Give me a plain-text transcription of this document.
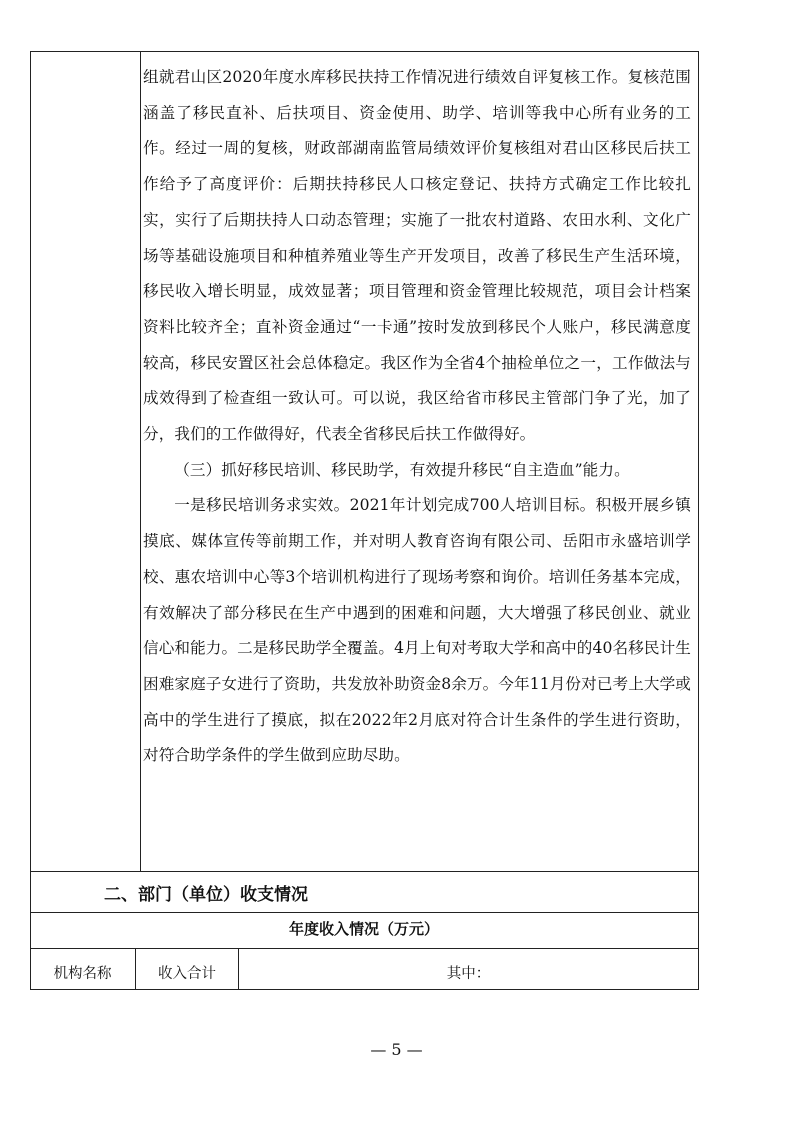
组就君山区2020年度水库移民扶持工作情况进行绩效自评复核工作。复核范围涵盖了移民直补、后扶项目、资金使用、助学、培训等我中心所有业务的工作。经过一周的复核，财政部湖南监管局绩效评价复核组对君山区移民后扶工作给予了高度评价：后期扶持移民人口核定登记、扶持方式确定工作比较扎实，实行了后期扶持人口动态管理；实施了一批农村道路、农田水利、文化广场等基础设施项目和种植养殖业等生产开发项目，改善了移民生产生活环境，移民收入增长明显，成效显著；项目管理和资金管理比较规范，项目会计档案资料比较齐全；直补资金通过“一卡通”按时发放到移民个人账户，移民满意度较高，移民安置区社会总体稳定。我区作为全省4个抽检单位之一，工作做法与成效得到了检查组一致认可。可以说，我区给省市移民主管部门争了光，加了分，我们的工作做得好，代表全省移民后扶工作做得好。

（三）抓好移民培训、移民助学，有效提升移民“自主造血”能力。

一是移民培训务求实效。2021年计划完成700人培训目标。积极开展乡镇摸底、媒体宣传等前期工作，并对明人教育咨询有限公司、岳阳市永盛培训学校、惠农培训中心等3个培训机构进行了现场考察和询价。培训任务基本完成，有效解决了部分移民在生产中遇到的困难和问题，大大增强了移民创业、就业信心和能力。二是移民助学全覆盖。4月上旬对考取大学和高中的40名移民计生困难家庭子女进行了资助，共发放补助资金8余万。今年11月份对已考上大学或高中的学生进行了摸底，拟在2022年2月底对符合计生条件的学生进行资助，对符合助学条件的学生做到应助尽助。

二、部门（单位）收支情况
年度收入情况（万元）
机构名称	收入合计	其中：
— 5 —
